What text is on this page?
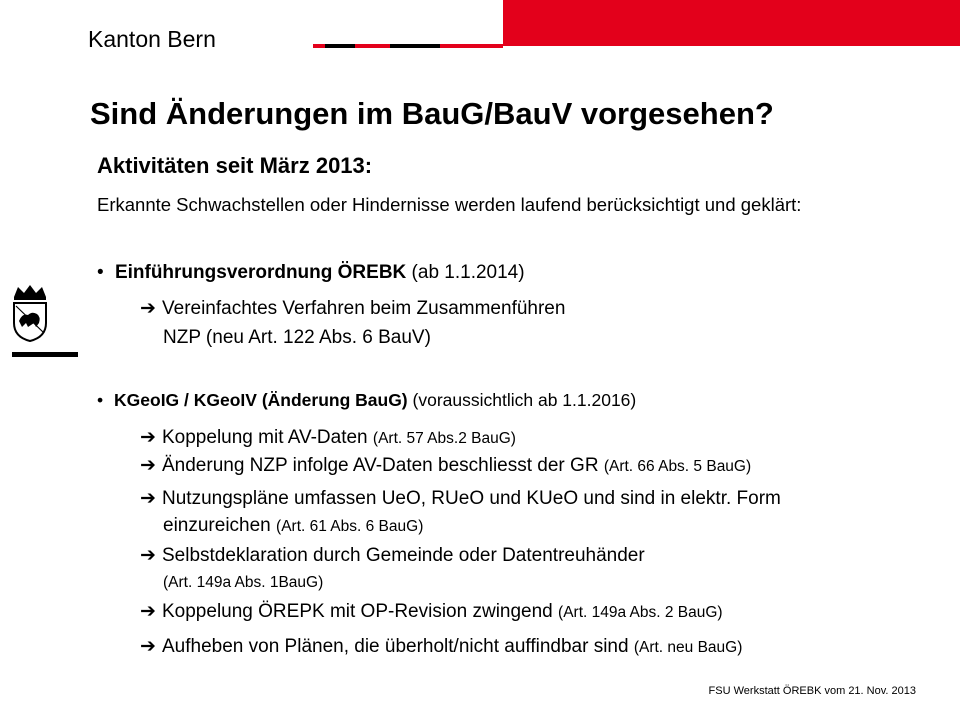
Kanton Bern
Sind Änderungen im BauG/BauV vorgesehen?
Aktivitäten seit März 2013:
Erkannte Schwachstellen oder Hindernisse werden laufend berücksichtigt und geklärt:
• Einführungsverordnung ÖREBK (ab 1.1.2014)
➔ Vereinfachtes Verfahren beim Zusammenführen
NZP (neu Art. 122 Abs. 6 BauV)
• KGeoIG / KGeoIV (Änderung BauG) (voraussichtlich ab 1.1.2016)
➔ Koppelung mit AV-Daten (Art. 57 Abs.2 BauG)
➔ Änderung NZP infolge AV-Daten beschliesst der GR (Art. 66 Abs. 5 BauG)
➔ Nutzungspläne umfassen UeO, RUeO und KUeO und sind in elektr. Form
einzureichen (Art. 61 Abs. 6 BauG)
➔ Selbstdeklaration durch Gemeinde oder Datentreuhänder
(Art. 149a Abs. 1BauG)
➔ Koppelung ÖREPK mit OP-Revision zwingend (Art. 149a Abs. 2 BauG)
➔ Aufheben von Plänen, die überholt/nicht auffindbar sind (Art. neu BauG)
FSU Werkstatt ÖREBK vom 21. Nov. 2013
